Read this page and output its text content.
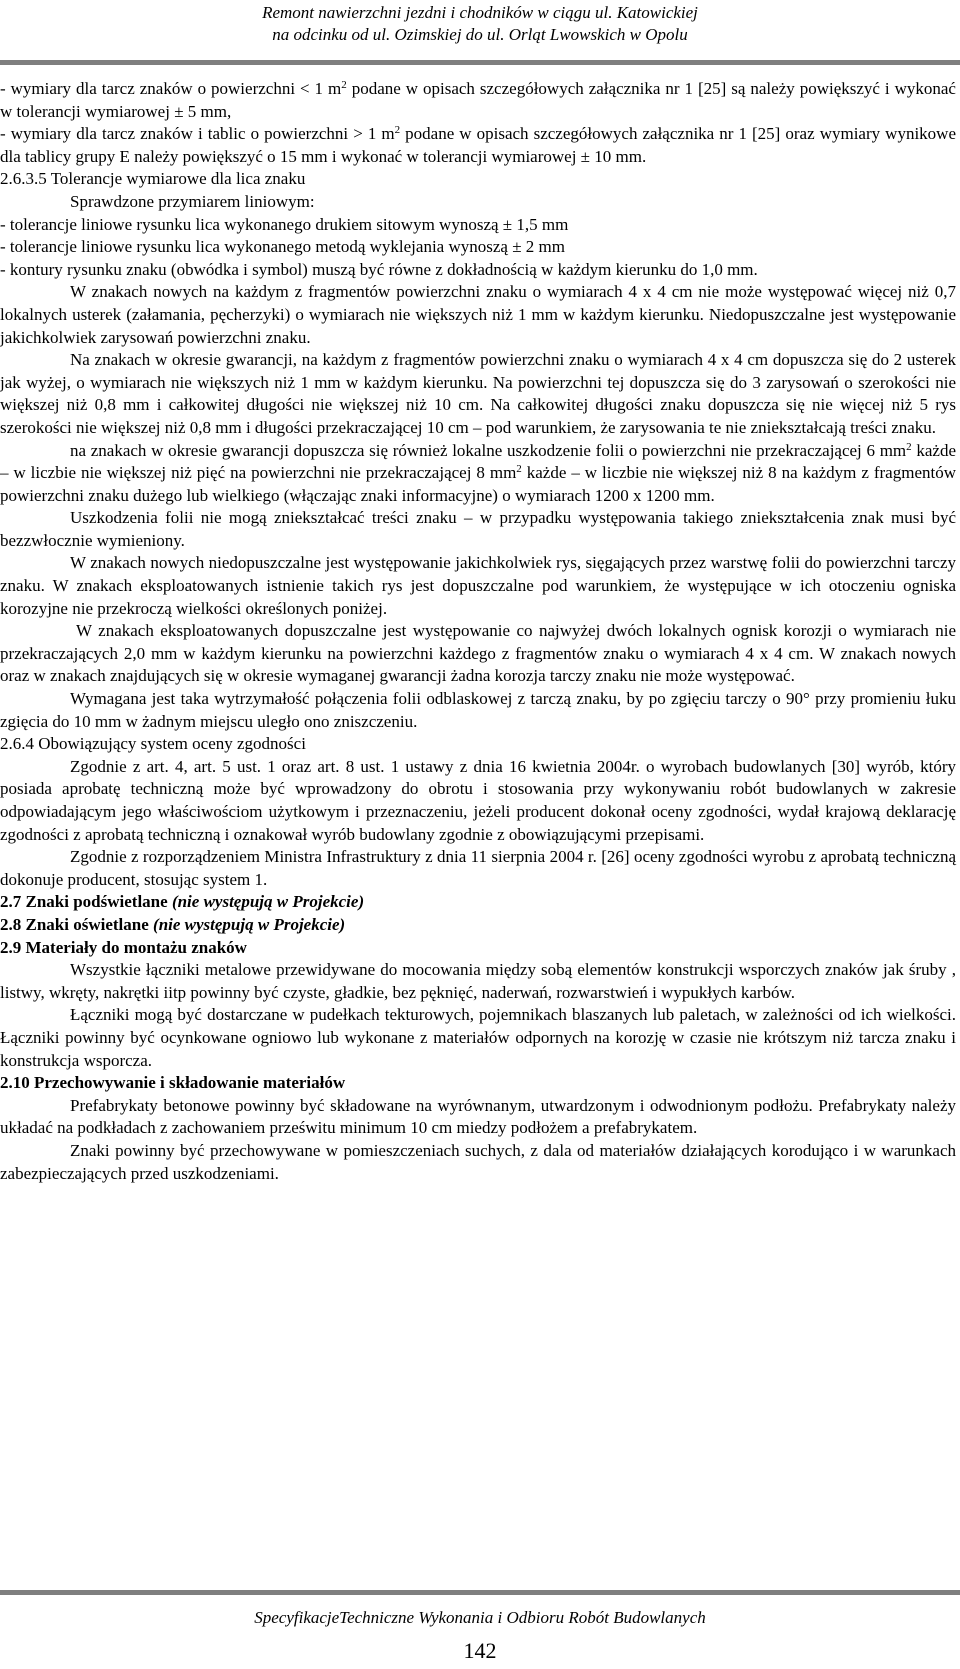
Remont nawierzchni jezdni i chodników w ciągu ul. Katowickiej
na odcinku od ul. Ozimskiej do ul. Orląt Lwowskich w Opolu

- wymiary dla tarcz znaków o powierzchni < 1 $m^2$ podane w opisach szczegółowych załącznika nr 1 [25] są należy powiększyć i wykonać w tolerancji wymiarowej ± 5 mm,

- wymiary dla tarcz znaków i tablic o powierzchni > 1 $m^2$ podane w opisach szczegółowych załącznika nr 1 [25] oraz wymiary wynikowe dla tablicy grupy E należy powiększyć o 15 mm i wykonać w tolerancji wymiarowej ± 10 mm.

2.6.3.5 Tolerancje wymiarowe dla lica znaku

Sprawdzone przymiarem liniowym:

- tolerancje liniowe rysunku lica wykonanego drukiem sitowym wynoszą ± 1,5 mm

- tolerancje liniowe rysunku lica wykonanego metodą wyklejania wynoszą ± 2 mm

- kontury rysunku znaku (obwódka i symbol) muszą być równe z dokładnością w każdym kierunku do 1,0 mm.

W znakach nowych na każdym z fragmentów powierzchni znaku o wymiarach 4 x 4 cm nie może występować więcej niż 0,7 lokalnych usterek (załamania, pęcherzyki) o wymiarach nie większych niż 1 mm w każdym kierunku. Niedopuszczalne jest występowanie jakichkolwiek zarysowań powierzchni znaku.

Na znakach w okresie gwarancji, na każdym z fragmentów powierzchni znaku o wymiarach 4 x 4 cm dopuszcza się do 2 usterek jak wyżej, o wymiarach nie większych niż 1 mm w każdym kierunku. Na powierzchni tej dopuszcza się do 3 zarysowań o szerokości nie większej niż 0,8 mm i całkowitej długości nie większej niż 10 cm. Na całkowitej długości znaku dopuszcza się nie więcej niż 5 rys szerokości nie większej niż 0,8 mm i długości przekraczającej 10 cm – pod warunkiem, że zarysowania te nie zniekształcają treści znaku.

na znakach w okresie gwarancji dopuszcza się również lokalne uszkodzenie folii o powierzchni nie przekraczającej 6 $mm^2$ każde – w liczbie nie większej niż pięć na powierzchni nie przekraczającej 8 $mm^2$ każde – w liczbie nie większej niż 8 na każdym z fragmentów powierzchni znaku dużego lub wielkiego (włączając znaki informacyjne) o wymiarach 1200 x 1200 mm.

Uszkodzenia folii nie mogą zniekształcać treści znaku – w przypadku występowania takiego zniekształcenia znak musi być bezzwłocznie wymieniony.

W znakach nowych niedopuszczalne jest występowanie jakichkolwiek rys, sięgających przez warstwę folii do powierzchni tarczy znaku. W znakach eksploatowanych istnienie takich rys jest dopuszczalne pod warunkiem, że występujące w ich otoczeniu ogniska korozyjne nie przekroczą wielkości określonych poniżej.

W znakach eksploatowanych dopuszczalne jest występowanie co najwyżej dwóch lokalnych ognisk korozji o wymiarach nie przekraczających 2,0 mm w każdym kierunku na powierzchni każdego z fragmentów znaku o wymiarach 4 x 4 cm. W znakach nowych oraz w znakach znajdujących się w okresie wymaganej gwarancji żadna korozja tarczy znaku nie może występować.

Wymagana jest taka wytrzymałość połączenia folii odblaskowej z tarczą znaku, by po zgięciu tarczy o 90° przy promieniu łuku zgięcia do 10 mm w żadnym miejscu uległo ono zniszczeniu.

2.6.4 Obowiązujący system oceny zgodności

Zgodnie z art. 4, art. 5 ust. 1 oraz art. 8 ust. 1 ustawy z dnia 16 kwietnia 2004r. o wyrobach budowlanych [30] wyrób, który posiada aprobatę techniczną może być wprowadzony do obrotu i stosowania przy wykonywaniu robót budowlanych w zakresie odpowiadającym jego właściwościom użytkowym i przeznaczeniu, jeżeli producent dokonał oceny zgodności, wydał krajową deklarację zgodności z aprobatą techniczną i oznakował wyrób budowlany zgodnie z obowiązującymi przepisami.

Zgodnie z rozporządzeniem Ministra Infrastruktury z dnia 11 sierpnia 2004 r. [26] oceny zgodności wyrobu z aprobatą techniczną dokonuje producent, stosując system 1.

2.7 Znaki podświetlane (nie występują w Projekcie)

2.8 Znaki oświetlane (nie występują w Projekcie)

2.9 Materiały do montażu znaków

Wszystkie łączniki metalowe przewidywane do mocowania między sobą elementów konstrukcji wsporczych znaków jak śruby , listwy, wkręty, nakrętki iitp powinny być czyste, gładkie, bez pęknięć, naderwań, rozwarstwień i wypukłych karbów.

Łączniki mogą być dostarczane w pudełkach tekturowych, pojemnikach blaszanych lub paletach, w zależności od ich wielkości. Łączniki powinny być ocynkowane ogniowo lub wykonane z materiałów odpornych na korozję w czasie nie krótszym niż tarcza znaku i konstrukcja wsporcza.

2.10 Przechowywanie i składowanie materiałów

Prefabrykaty betonowe powinny być składowane na wyrównanym, utwardzonym i odwodnionym podłożu. Prefabrykaty należy układać na podkładach z zachowaniem prześwitu minimum 10 cm miedzy podłożem a prefabrykatem.

Znaki powinny być przechowywane w pomieszczeniach suchych, z dala od materiałów działających korodująco i w warunkach zabezpieczających przed uszkodzeniami.

SpecyfikacjeTechniczne Wykonania i Odbioru Robót Budowlanych
142
